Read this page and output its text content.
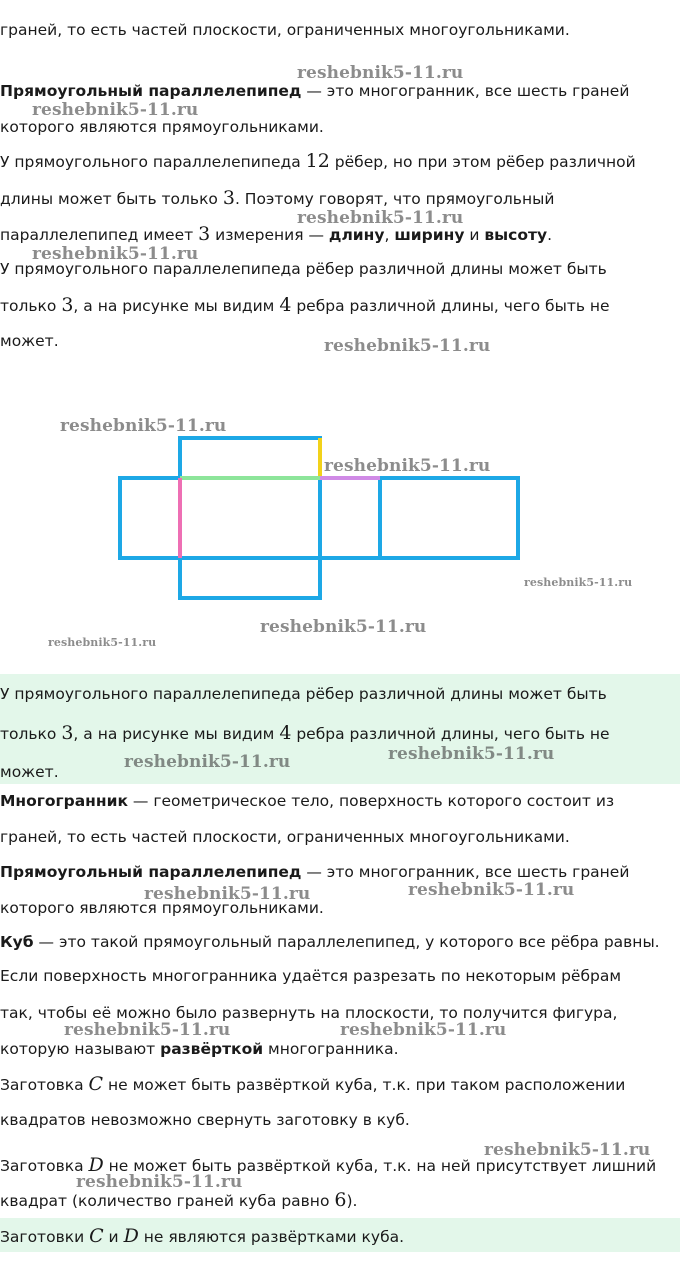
граней, то есть частей плоскости, ограниченных многоугольниками.
Прямоугольный параллелепипед — это многогранник, все шесть граней
которого являются прямоугольниками.
У прямоугольного параллелепипеда 12 рёбер, но при этом рёбер различной
длины может быть только 3. Поэтому говорят, что прямоугольный
параллелепипед имеет 3 измерения — длину, ширину и высоту.
У прямоугольного параллелепипеда рёбер различной длины может быть
только 3, а на рисунке мы видим 4 ребра различной длины, чего быть не
может.
У прямоугольного параллелепипеда рёбер различной длины может быть
только 3, а на рисунке мы видим 4 ребра различной длины, чего быть не
может.
Многогранник — геометрическое тело, поверхность которого состоит из
граней, то есть частей плоскости, ограниченных многоугольниками.
Прямоугольный параллелепипед — это многогранник, все шесть граней
которого являются прямоугольниками.
Куб — это такой прямоугольный параллелепипед, у которого все рёбра равны.
Если поверхность многогранника удаётся разрезать по некоторым рёбрам
так, чтобы её можно было развернуть на плоскости, то получится фигура,
которую называют развёрткой многогранника.
Заготовка C не может быть развёрткой куба, т.к. при таком расположении
квадратов невозможно свернуть заготовку в куб.
Заготовка D не может быть развёрткой куба, т.к. на ней присутствует лишний
квадрат (количество граней куба равно 6).
Заготовки C и D не являются развёртками куба.
reshebnik5-11.ru
reshebnik5-11.ru
reshebnik5-11.ru
reshebnik5-11.ru
reshebnik5-11.ru
reshebnik5-11.ru
reshebnik5-11.ru
reshebnik5-11.ru
reshebnik5-11.ru
reshebnik5-11.ru
reshebnik5-11.ru
reshebnik5-11.ru
reshebnik5-11.ru
reshebnik5-11.ru
reshebnik5-11.ru	reshebnik5-11.ru
reshebnik5-11.ru
reshebnik5-11.ru
